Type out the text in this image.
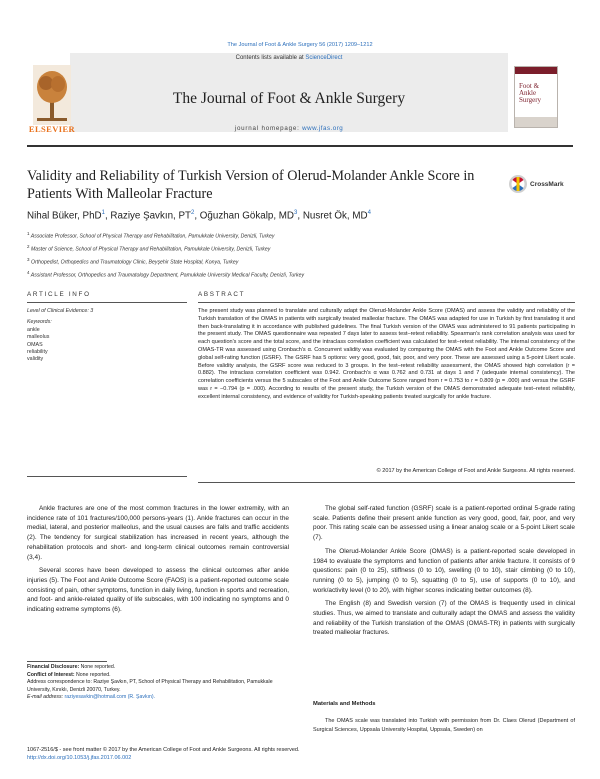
The Journal of Foot & Ankle Surgery 56 (2017) 1209–1212
Contents lists available at ScienceDirect
The Journal of Foot & Ankle Surgery
journal homepage: www.jfas.org
ELSEVIER
Foot & Ankle Surgery
Validity and Reliability of Turkish Version of Olerud-Molander Ankle Score in Patients With Malleolar Fracture
CrossMark
Nihal Büker, PhD$^1$, Raziye Şavkın, $PT^2$, Oğuzhan Gökalp, $MD^3$, Nusret Ök, $MD^4$
$^1$ Associate Professor, School of Physical Therapy and Rehabilitation, Pamukkale University, Denizli, Turkey
$^2$ Master of Science, School of Physical Therapy and Rehabilitation, Pamukkale University, Denizli, Turkey
$^3$ Orthopedist, Orthopedics and Traumatology Clinic, Beyşehir State Hospital, Konya, Turkey
$^4$ Assistant Professor, Orthopedics and Traumatology Department, Pamukkale University Medical Faculty, Denizli, Turkey
ARTICLE INFO	ABSTRACT
Level of Clinical Evidence: 3
Keywords:
ankle
malleolus
OMAS
reliability
validity
The present study was planned to translate and culturally adapt the Olerud-Molander Ankle Score (OMAS) and assess the validity and reliability of the Turkish translation of the OMAS in patients with surgically treated malleolar fracture. The OMAS was adapted for use in Turkish by first translating it and then back-translating it in accordance with published guidelines. The final Turkish version of the OMAS was administered to 91 patients participating in the present study. The OMAS questionnaire was repeated 7 days later to assess test–retest reliability. Spearman's rank correlation analysis was used for each question's score and the total score, and the intraclass correlation coefficient was calculated for test–retest reliability. The internal consistency of the OMAS-TR was assessed using Cronbach's α. Concurrent validity was evaluated by comparing the OMAS with the Foot and Ankle Outcome Score and global self-rating function (GSRF). The GSRF has 5 options: very good, good, fair, poor, and very poor. These are assessed using a 5-point Likert scale. Before validity analysis, the GSRF score was reduced to 3 groups. In the test–retest reliability assessment, the OMAS showed high correlation (r = 0.882). The intraclass correlation coefficient was 0.942. Cronbach's α was 0.762 and 0.731 at days 1 and 7 (adequate internal consistency). The correlation coefficients versus the 5 subscales of the Foot and Ankle Outcome Score ranged from r = 0.753 to r = 0.809 (p = .000) and versus the GSRF was r = −0.794 (p = .000). According to results of the present study, the Turkish version of the OMAS demonstrated adequate test–retest reliability, excellent internal consistency, and evidence of validity for Turkish-speaking patients treated surgically for ankle fracture.
© 2017 by the American College of Foot and Ankle Surgeons. All rights reserved.

Ankle fractures are one of the most common fractures in the lower extremity, with an incidence rate of 101 fractures/100,000 persons-years (1). Ankle fractures can occur in the medial, lateral, and posterior malleolus, and the usual causes are falls and traffic accidents (2). The tendency for surgical stabilization has increased in recent years, although the rehabilitation protocols and short- and long-term clinical outcomes remain controversial (3,4).

Several scores have been developed to assess the clinical outcomes after ankle injuries (5). The Foot and Ankle Outcome Score (FAOS) is a patient-reported outcome scale consisting of pain, other symptoms, function in daily living, function in sports and recreation, and foot- and ankle-related quality of life subscales, with 100 indicating no symptoms and 0 indicating extreme symptoms (6).

The global self-rated function (GSRF) scale is a patient-reported ordinal 5-grade rating scale. Patients define their present ankle function as very good, good, fair, poor, and very poor. This rating scale can be assessed using a linear analog scale or a 5-point Likert scale (7).

The Olerud-Molander Ankle Score (OMAS) is a patient-reported scale developed in 1984 to evaluate the symptoms and function of patients after ankle fracture. It consists of 9 questions: pain (0 to 25), stiffness (0 to 10), swelling (0 to 10), stair climbing (0 to 10), running (0 to 5), jumping (0 to 5), squatting (0 to 5), use of supports (0 to 10), and work/activity level (0 to 20), with higher scores indicating better outcomes (8).

The English (8) and Swedish version (7) of the OMAS is frequently used in clinical studies. Thus, we aimed to translate and culturally adapt the OMAS and assess the validity and reliability of the Turkish translation of the OMAS (OMAS-TR) in patients with surgically treated malleolar fractures.

Materials and Methods
The OMAS scale was translated into Turkish with permission from Dr. Claes Olerud (Department of Surgical Sciences, Uppsala University Hospital, Uppsala, Sweden) on
Financial Disclosure: None reported.
Conflict of Interest: None reported.
Address correspondence to: Raziye Şavkın, PT, School of Physical Therapy and Rehabilitation, Pamukkale University, Kınıklı, Denizli 20070, Turkey.
E-mail address: raziyesavkin@hotmail.com (R. Şavkın).
1067-2516/$ - see front matter © 2017 by the American College of Foot and Ankle Surgeons. All rights reserved.
http://dx.doi.org/10.1053/j.jfas.2017.06.002
